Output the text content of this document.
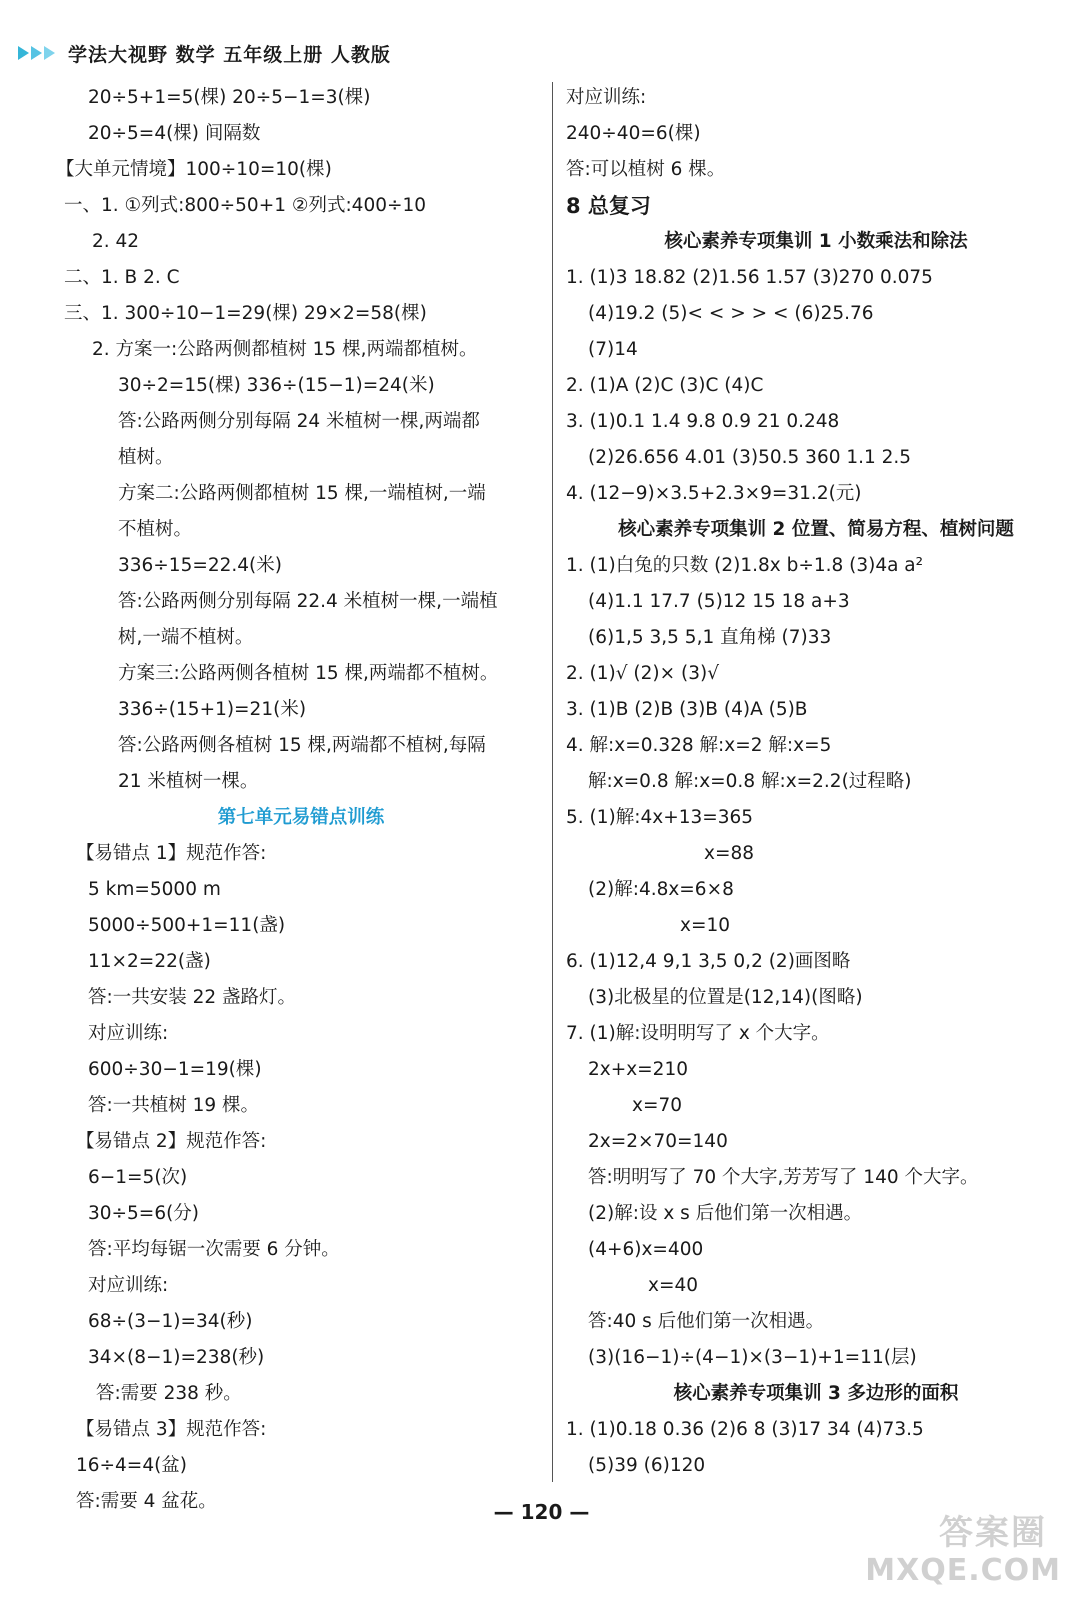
学法大视野 数学 五年级上册 人教版
20÷5+1=5(棵) 20÷5−1=3(棵)
20÷5=4(棵) 间隔数
【大单元情境】100÷10=10(棵)
一、1. ①列式:800÷50+1 ②列式:400÷10
2. 42
二、1. B 2. C
三、1. 300÷10−1=29(棵) 29×2=58(棵)
2. 方案一:公路两侧都植树 15 棵,两端都植树。
30÷2=15(棵) 336÷(15−1)=24(米)
答:公路两侧分别每隔 24 米植树一棵,两端都
植树。
方案二:公路两侧都植树 15 棵,一端植树,一端
不植树。
336÷15=22.4(米)
答:公路两侧分别每隔 22.4 米植树一棵,一端植
树,一端不植树。
方案三:公路两侧各植树 15 棵,两端都不植树。
336÷(15+1)=21(米)
答:公路两侧各植树 15 棵,两端都不植树,每隔
21 米植树一棵。
第七单元易错点训练
【易错点 1】规范作答:
5 km=5000 m
5000÷500+1=11(盏)
11×2=22(盏)
答:一共安装 22 盏路灯。
对应训练:
600÷30−1=19(棵)
答:一共植树 19 棵。
【易错点 2】规范作答:
6−1=5(次)
30÷5=6(分)
答:平均每锯一次需要 6 分钟。
对应训练:
68÷(3−1)=34(秒)
34×(8−1)=238(秒)
答:需要 238 秒。
【易错点 3】规范作答:
16÷4=4(盆)
答:需要 4 盆花。
对应训练:
240÷40=6(棵)
答:可以植树 6 棵。
8 总复习
核心素养专项集训 1 小数乘法和除法
1. (1)3 18.82 (2)1.56̇ 1.57 (3)270 0.075
(4)19.2 (5)< < > > < (6)25.76
(7)14
2. (1)A (2)C (3)C (4)C
3. (1)0.1 1.4 9.8 0.9 21 0.248
(2)26.656 4.01 (3)50.5 360 1.1 2.5
4. (12−9)×3.5+2.3×9=31.2(元)
核心素养专项集训 2 位置、简易方程、植树问题
1. (1)白兔的只数 (2)1.8x b÷1.8 (3)4a a²
(4)1.1 17.7 (5)12 15 18 a+3
(6)1,5 3,5 5,1 直角梯 (7)33
2. (1)√ (2)× (3)√
3. (1)B (2)B (3)B (4)A (5)B
4. 解:x=0.328 解:x=2 解:x=5
解:x=0.8 解:x=0.8 解:x=2.2(过程略)
5. (1)解:4x+13=365
x=88
(2)解:4.8x=6×8
x=10
6. (1)12,4 9,1 3,5 0,2 (2)画图略
(3)北极星的位置是(12,14)(图略)
7. (1)解:设明明写了 x 个大字。
2x+x=210
x=70
2x=2×70=140
答:明明写了 70 个大字,芳芳写了 140 个大字。
(2)解:设 x s 后他们第一次相遇。
(4+6)x=400
x=40
答:40 s 后他们第一次相遇。
(3)(16−1)÷(4−1)×(3−1)+1=11(层)
核心素养专项集训 3 多边形的面积
1. (1)0.18 0.36 (2)6 8 (3)17 34 (4)73.5
(5)39 (6)120
— 120 —
答案圈
MXQE.COM
